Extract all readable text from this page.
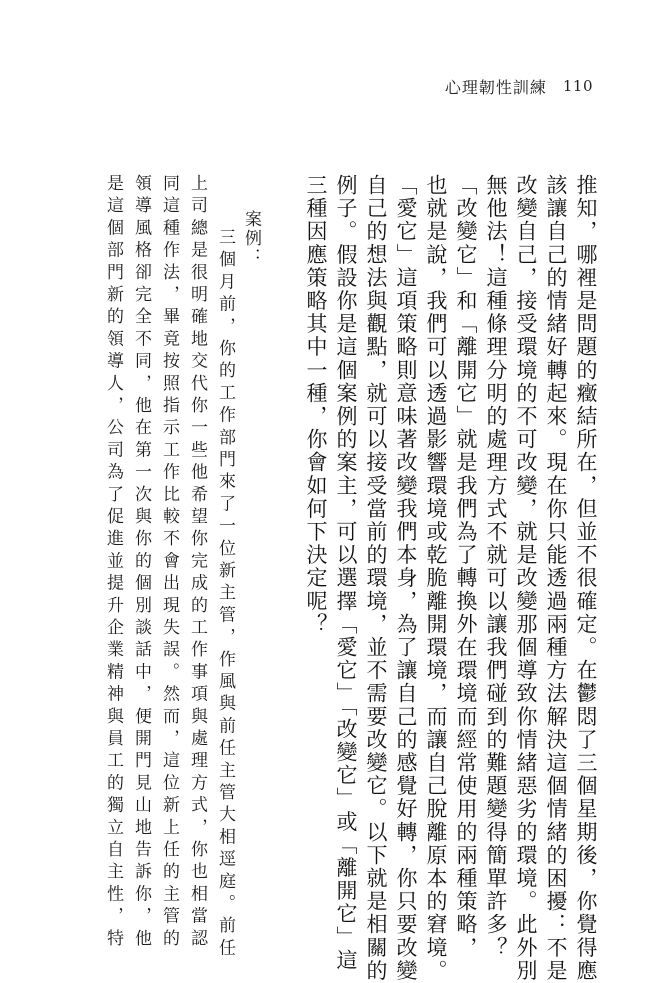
心理韌性訓練 110
推知，哪裡是問題的癥結所在，但並不很確定。在鬱悶了三個星期後，你覺得應
該讓自己的情緒好轉起來。現在你只能透過兩種方法解決這個情緒的困擾：不是
改變自己，接受環境的不可改變，就是改變那個導致你情緒惡劣的環境。此外別
無他法！這種條理分明的處理方式不就可以讓我們碰到的難題變得簡單許多？
「改變它」和「離開它」就是我們為了轉換外在環境而經常使用的兩種策略，
也就是說，我們可以透過影響環境或乾脆離開環境，而讓自己脫離原本的窘境。
「愛它」這項策略則意味著改變我們本身，為了讓自己的感覺好轉，你只要改變
自己的想法與觀點，就可以接受當前的環境，並不需要改變它。以下就是相關的
例子。假設你是這個案例的案主，可以選擇「愛它」「改變它」或「離開它」這
三種因應策略其中一種，你會如何下決定呢？
案例：
三個月前，你的工作部門來了一位新主管，作風與前任主管大相逕庭。前任
上司總是很明確地交代你一些他希望你完成的工作事項與處理方式，你也相當認
同這種作法，畢竟按照指示工作比較不會出現失誤。然而，這位新上任的主管的
領導風格卻完全不同，他在第一次與你的個別談話中，便開門見山地告訴你，他
是這個部門新的領導人，公司為了促進並提升企業精神與員工的獨立自主性，特
